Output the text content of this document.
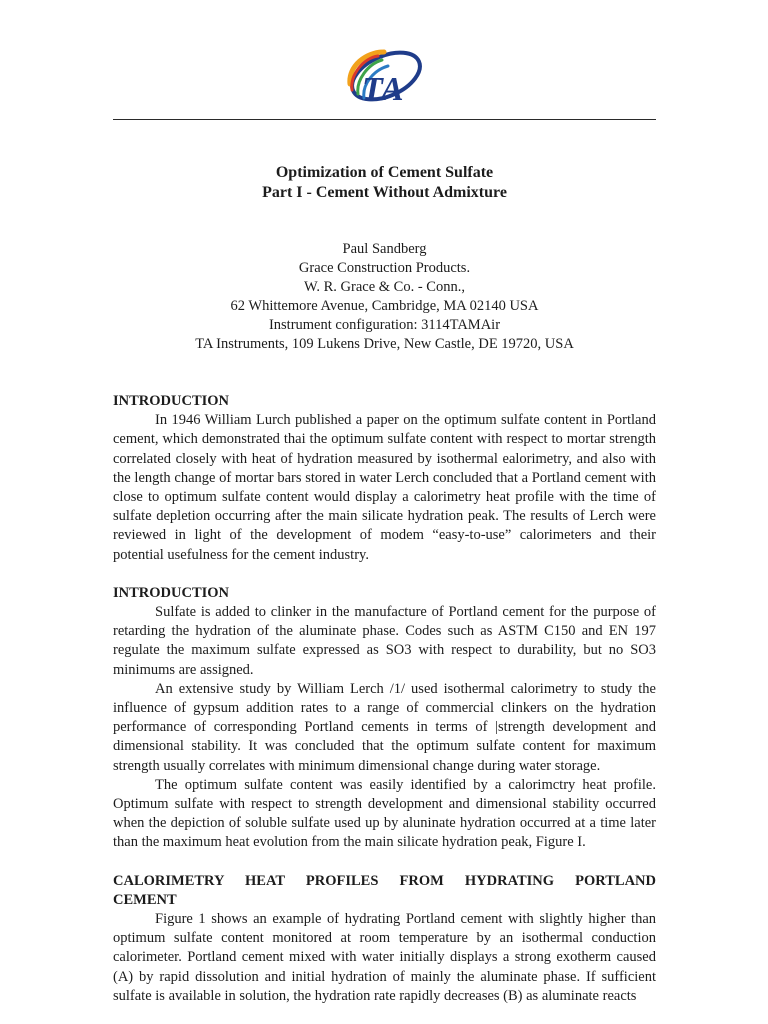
TA
Optimization of Cement Sulfate
Part I - Cement Without Admixture
Paul Sandberg
Grace Construction Products.
W. R. Grace & Co. - Conn.,
62 Whittemore Avenue, Cambridge, MA 02140 USA
Instrument configuration: 3114TAMAir
TA Instruments, 109 Lukens Drive, New Castle, DE 19720, USA

INTRODUCTION

In 1946 William Lurch published a paper on the optimum sulfate content in Portland cement, which demonstrated thai the optimum sulfate content with respect to mortar strength correlated closely with heat of hydration measured by isothermal ealorimetry, and also with the length change of mortar bars stored in water Lerch concluded that a Portland cement with close to optimum sulfate content would display a calorimetry heat profile with the time of sulfate depletion occurring after the main silicate hydration peak. The results of Lerch were reviewed in light of the development of modem “easy-to-use” calorimeters and their potential usefulness for the cement industry.

INTRODUCTION

Sulfate is added to clinker in the manufacture of Portland cement for the purpose of retarding the hydration of the aluminate phase. Codes such as ASTM C150 and EN 197 regulate the maximum sulfate expressed as SO3 with respect to durability, but no SO3 minimums are assigned.

An extensive study by William Lerch /1/ used isothermal calorimetry to study the influence of gypsum addition rates to a range of commercial clinkers on the hydration performance of corresponding Portland cements in terms of |strength development and dimensional stability. It was concluded that the optimum sulfate content for maximum strength usually correlates with minimum dimensional change during water storage.

The optimum sulfate content was easily identified by a calorimctry heat profile. Optimum sulfate with respect to strength development and dimensional stability occurred when the depiction of soluble sulfate used up by aluninate hydration occurred at a time later than the maximum heat evolution from the main silicate hydration peak, Figure I.

CALORIMETRY HEAT PROFILES FROM HYDRATING PORTLAND CEMENT

Figure 1 shows an example of hydrating Portland cement with slightly higher than optimum sulfate content monitored at room temperature by an isothermal conduction calorimeter. Portland cement mixed with water initially displays a strong exotherm caused (A) by rapid dissolution and initial hydration of mainly the aluminate phase. If sufficient sulfate is available in solution, the hydration rate rapidly decreases (B) as aluminate reacts
